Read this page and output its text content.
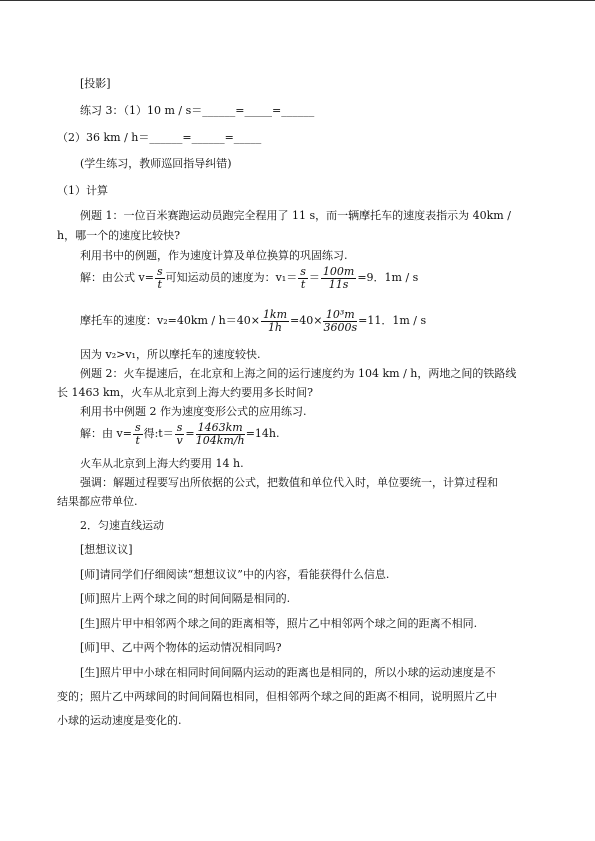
[投影]
练习 3：（1）10 m / s＝______=_____=______
（2）36 km / h＝______=______=_____
(学生练习，教师巡回指导纠错)
（1）计算
例题 1：一位百米赛跑运动员跑完全程用了 11 s，而一辆摩托车的速度表指示为 40km /
h，哪一个的速度比较快?
利用书中的例题，作为速度计算及单位换算的巩固练习.
解：由公式 $v= \frac{s}{t}$ 可知运动员的速度为：$v_1= \frac{s}{t} = \frac{100m}{11s} =9$．1m / s
摩托车的速度：$v_2=40km / h=40\times \frac{1km}{1h} =40\times \frac{\text{10³m}}{3600s} =11$．1m / s
因为 v₂>v₁，所以摩托车的速度较快.
例题 2：火车提速后，在北京和上海之间的运行速度约为 104 km / h，两地之间的铁路线
长 1463 km，火车从北京到上海大约要用多长时间?
利用书中例题 2 作为速度变形公式的应用练习.
解：由 $v= \frac{s}{t}$ 得:t＝ $\frac{s}{v} = \frac{1463km}{104km/h} =14h$.
火车从北京到上海大约要用 14 h.
强调：解题过程要写出所依据的公式，把数值和单位代入时，单位要统一，计算过程和
结果都应带单位.
2．匀速直线运动
[想想议议]
[师]请同学们仔细阅读“想想议议”中的内容，看能获得什么信息.
[师]照片上两个球之间的时间间隔是相同的.
[生]照片甲中相邻两个球之间的距离相等，照片乙中相邻两个球之间的距离不相同.
[师]甲、乙中两个物体的运动情况相同吗?
[生]照片甲中小球在相同时间间隔内运动的距离也是相同的，所以小球的运动速度是不
变的；照片乙中两球间的时间间隔也相同，但相邻两个球之间的距离不相同，说明照片乙中
小球的运动速度是变化的.
